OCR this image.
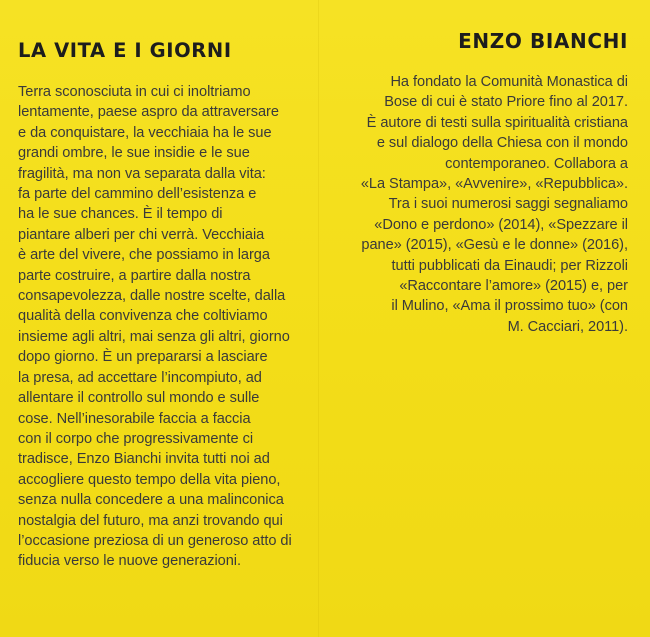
LA VITA E I GIORNI

Terra sconosciuta in cui ci inoltriamo
lentamente, paese aspro da attraversare
e da conquistare, la vecchiaia ha le sue
grandi ombre, le sue insidie e le sue
fragilità, ma non va separata dalla vita:
fa parte del cammino dell’esistenza e
ha le sue chances. È il tempo di
piantare alberi per chi verrà. Vecchiaia
è arte del vivere, che possiamo in larga
parte costruire, a partire dalla nostra
consapevolezza, dalle nostre scelte, dalla
qualità della convivenza che coltiviamo
insieme agli altri, mai senza gli altri, giorno
dopo giorno. È un prepararsi a lasciare
la presa, ad accettare l’incompiuto, ad
allentare il controllo sul mondo e sulle
cose. Nell’inesorabile faccia a faccia
con il corpo che progressivamente ci
tradisce, Enzo Bianchi invita tutti noi ad
accogliere questo tempo della vita pieno,
senza nulla concedere a una malinconica
nostalgia del futuro, ma anzi trovando qui
l’occasione preziosa di un generoso atto di
fiducia verso le nuove generazioni.

ENZO BIANCHI

Ha fondato la Comunità Monastica di
Bose di cui è stato Priore fino al 2017.
È autore di testi sulla spiritualità cristiana
e sul dialogo della Chiesa con il mondo
contemporaneo. Collabora a
«La Stampa», «Avvenire», «Repubblica».
Tra i suoi numerosi saggi segnaliamo
«Dono e perdono» (2014), «Spezzare il
pane» (2015), «Gesù e le donne» (2016),
tutti pubblicati da Einaudi; per Rizzoli
«Raccontare l’amore» (2015) e, per
il Mulino, «Ama il prossimo tuo» (con
M. Cacciari, 2011).
